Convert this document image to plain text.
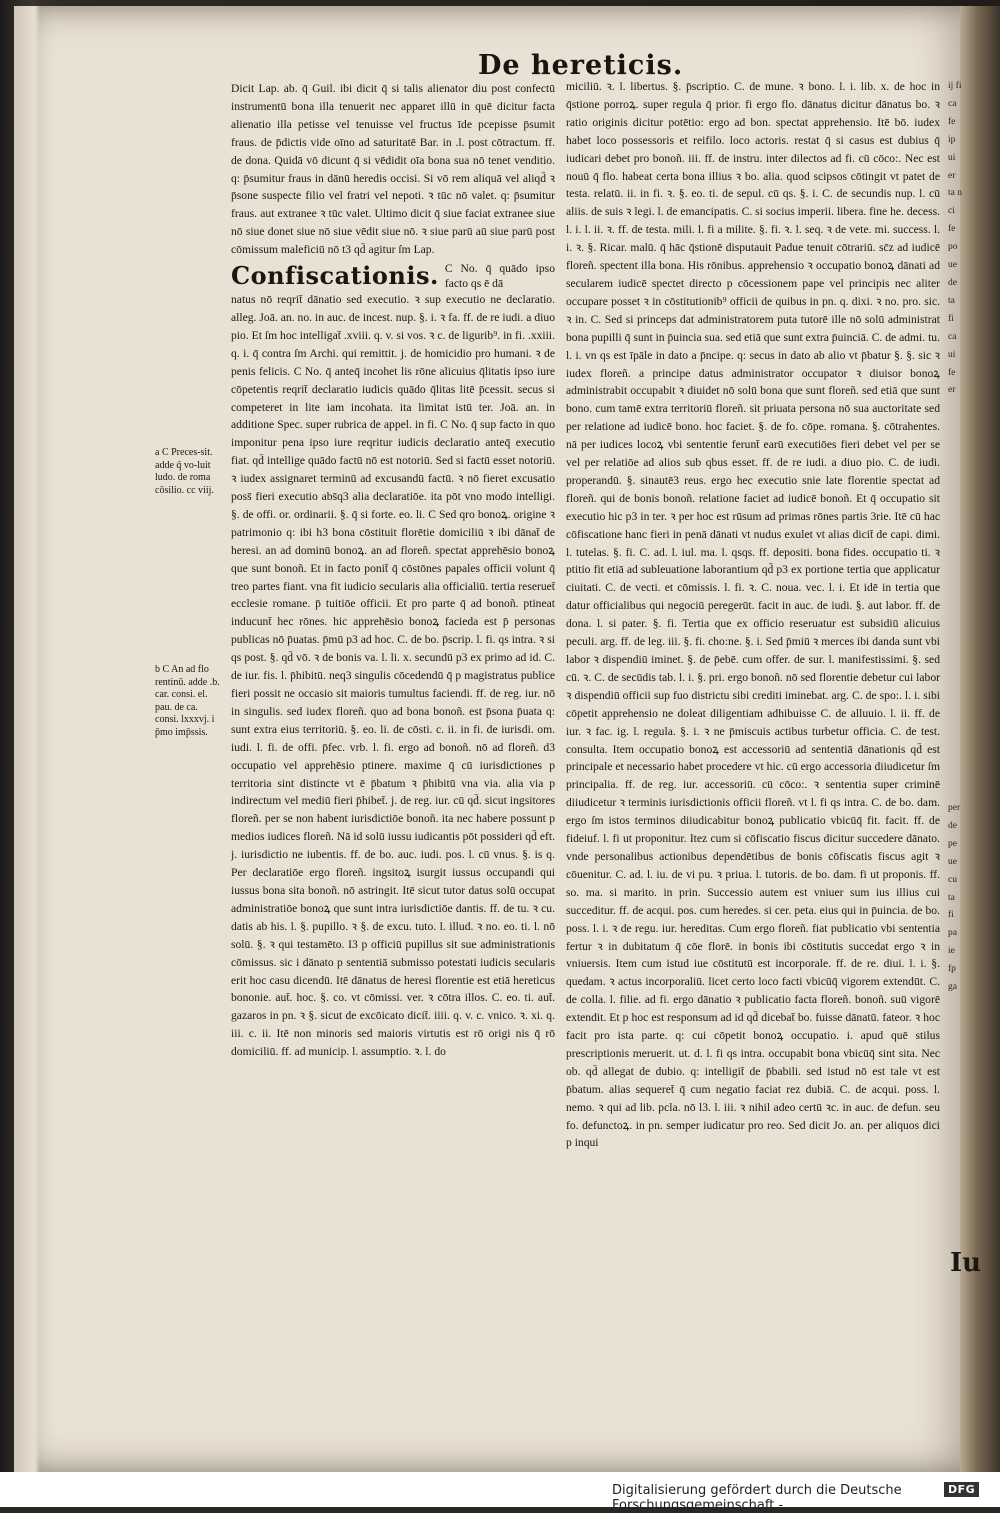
De hereticis.

Dicit Lap. ab. q̄ Guil. ibi dicit q̄ si talis alienator diu post confectū instrumentū bona illa tenuerit nec apparet illū in quē dicitur facta alienatio illa petisse vel tenuisse vel fructus īde pcepisse p̄sumit fraus. de p̄dictis vide oīno ad saturitatē Bar. in .l. post cōtractum. ff. de dona. Quidā vō dicunt q̄ si vēdidit oīa bona sua nō tenet venditio. q: p̄sumitur fraus in dānū heredis occisi. Si vō rem aliquā vel aliqd̄ ꝛ p̄sone suspecte filio vel fratri vel nepoti. ꝛ tūc nō valet. q: p̄sumitur fraus. aut extranee ꝛ tūc valet. Ultimo dicit q̄ siue faciat extranee siue nō siue donet siue nō siue vēdit siue nō. ꝛ siue parū aū siue parū post cōmissum maleficiū nō t3 qd̄ agitur ſm Lap.

Confiscationis. C No. q̄ quādo ipso facto qs ē dā

natus nō reqrit̄ dānatio sed executio. ꝛ sup executio ne declaratio. alleg. Joā. an. no. in auc. de incest. nup. §. i. ꝛ fa. ff. de re iudi. a diuo pio. Et ſm hoc intelligat̄ .xviii. q. v. si vos. ꝛ c. de ligurib⁹. in fi. .xxiii. q. i. q̄ contra ſm Archi. qui remittit. j. de homicidio pro humani. ꝛ de penis felicis. C No. q̄ anteq̄ incohet lis rōne alicuius q̄litatis ipso iure cōpetentis reqrit̄ declaratio iudicis quādo q̄litas litē p̄cessit. secus si competeret in lite iam incohata. ita limitat istū ter. Joā. an. in additione Spec. super rubrica de appel. in fi. C No. q̄ sup facto in quo imponitur pena ipso iure reqritur iudicis declaratio anteq̄ executio fiat. qd̄ intellige quādo factū nō est notoriū. Sed si factū esset notoriū. ꝛ iudex assignaret terminū ad excusandū factū. ꝛ nō fieret excusatio poss̄ fieri executio abs̄q3 alia declaratiōe. ita pōt vno modo intelligi. §. de offi. or. ordinarii. §. q̄ si forte. eo. li. C Sed qro bonoꝝ. origine ꝛ patrimonio q: ibi h3 bona cōstituit florētie domiciliū ꝛ ibi dānat̄ de heresi. an ad dominū bonoꝝ. an ad floreñ. spectat apprehēsio bonoꝝ que sunt bonoñ. Et in facto ponit̄ q̄ cōstōnes papales officii volunt q̄ treo partes fiant. vna fit iudicio secularis alia officialiū. tertia reseruet̄ ecclesie romane. p̄ tuitiōe officii. Et pro parte q̄ ad bonoñ. ptineat inducunt̄ hec rōnes. hic apprehēsio bonoꝝ facieda est p̄ personas publicas nō p̄uatas. p̄mū p3 ad hoc. C. de bo. p̄scrip. l. fi. qs intra. ꝛ si qs post. §. qd̄ vō. ꝛ de bonis va. l. li. x. secundū p3 ex primo ad id. C. de iur. fis. l. p̄hibitū. neq3 singulis cōcedendū q̄ p magistratus publice fieri possit ne occasio sit maioris tumultus faciendi. ff. de reg. iur. nō in singulis. sed iudex floreñ. quo ad bona bonoñ. est p̄sona p̄uata q: sunt extra eius territoriū. §. eo. li. de cōsti. c. ii. in fi. de iurisdi. om. iudi. l. fi. de offi. p̄fec. vrb. l. fi. ergo ad bonoñ. nō ad floreñ. d3 occupatio vel apprehēsio ptinere. maxime q̄ cū iurisdictiones p territoria sint distincte vt ē p̄batum ꝛ p̄hibitū vna via. alia via p indirectum vel mediū fieri p̄hibet̄. j. de reg. iur. cū qd̄. sicut ingsitores floreñ. per se non habent iurisdictiōe bonoñ. ita nec habere possunt p medios iudices floreñ. Nā id solū iussu iudicantis pōt possideri qd̄ eft. j. iurisdictio ne iubentis. ff. de bo. auc. iudi. pos. l. cū vnus. §. is q. Per declaratiōe ergo floreñ. ingsitoꝝ isurgit iussus occupandi qui iussus bona sita bonoñ. nō astringit. Itē sicut tutor datus solū occupat administratiōe bonoꝝ que sunt intra iurisdictiōe dantis. ff. de tu. ꝛ cu. datis ab his. l. §. pupillo. ꝛ §. de excu. tuto. l. illud. ꝛ no. eo. ti. l. nō solū. §. ꝛ qui testamēto. I3 p officiū pupillus sit sue administrationis cōmissus. sic i dānato p sententiā submisso potestati iudicis secularis erit hoc casu dicendū. Itē dānatus de heresi florentie est etiā hereticus bononie. aut̄. hoc. §. co. vt cōmissi. ver. ꝛ cōtra illos. C. eo. ti. aut̄. gazaros in pn. ꝛ §. sicut de excōicato dicit̄. iiii. q. v. c. vnico. ꝛ. xi. q. iii. c. ii. Itē non minoris sed maioris virtutis est rō origi nis q̄ rō domiciliū. ff. ad municip. l. assumptio. ꝛ. l. do

miciliū. ꝛ. l. libertus. §. p̄scriptio. C. de mune. ꝛ bono. l. i. lib. x. de hoc in q̄stione porroꝝ. super regula q̄ prior. fi ergo flo. dānatus dicitur dānatus bo. ꝛ ratio originis dicitur potētio: ergo ad bon. spectat apprehensio. Itē bō. iudex habet loco possessoris et reifilo. loco actoris. restat q̄ si casus est dubius q̄ iudicari debet pro bonoñ. iii. ff. de instru. inter dilectos ad fi. cū cōco:. Nec est nouū q̄ flo. habeat certa bona illius ꝛ bo. alia. quod scipsos cōtingit vt patet de testa. relatū. ii. in fi. ꝛ. §. eo. ti. de sepul. cū qs. §. i. C. de secundis nup. l. cū aliis. de suis ꝛ legi. l. de emancipatis. C. si socius imperii. libera. fine he. decess. l. i. l. ii. ꝛ. ff. de testa. mili. l. fi a milite. §. fi. ꝛ. l. seq. ꝛ de vete. mi. success. l. i. ꝛ. §. Ricar. malū. q̄ hāc q̄stionē disputauit Padue tenuit cōtrariū. sc̄z ad iudicē floreñ. spectent illa bona. His rōnibus. apprehensio ꝛ occupatio bonoꝝ dānati ad secularem iudicē spectet directo p cōcessionem pape vel principis nec aliter occupare posset ꝛ in cōstitutionib⁹ officii de quibus in pn. q. dixi. ꝛ no. pro. sic. ꝛ in. C. Sed si princeps dat administratorem puta tutorē ille nō solū administrat bona pupilli q̄ sunt in p̄uincia sua. sed etiā que sunt extra p̄uinciā. C. de admi. tu. l. i. vn qs est īpāle in dato a p̄ncipe. q: secus in dato ab alio vt p̄batur §. §. sic ꝛ iudex floreñ. a principe datus administrator occupator ꝛ diuisor bonoꝝ administrabit occupabit ꝛ diuidet nō solū bona que sunt floreñ. sed etiā que sunt bono. cum tamē extra territoriū floreñ. sit priuata persona nō sua auctoritate sed per relatione ad iudicē bono. hoc faciet. §. de fo. cōpe. romana. §. cōtrahentes. nā per iudices locoꝝ vbi sententie ferunt̄ earū executiōes fieri debet vel per se vel per relatiōe ad alios sub qbus esset. ff. de re iudi. a diuo pio. C. de iudi. properandū. §. sinautē3 reus. ergo hec executio snie late florentie spectat ad floreñ. qui de bonis bonoñ. relatione faciet ad iudicē bonoñ. Et q̄ occupatio sit executio hic p3 in ter. ꝛ per hoc est rūsum ad primas rōnes partis 3rie. Itē cū hac cōfiscatione hanc fieri in penā dānati vt nudus exulet vt alias dicit̄ de capi. dimi. l. tutelas. §. fi. C. ad. l. iul. ma. l. qsqs. ff. depositi. bona fides. occupatio ti. ꝛ ptitio fit etiā ad subleuatione laborantium qd̄ p3 ex portione tertia que applicatur ciuitati. C. de vecti. et cōmissis. l. fi. ꝛ. C. noua. vec. l. i. Et idē in tertia que datur officialibus qui negociū peregerūt. facit in auc. de iudi. §. aut labor. ff. de dona. l. si pater. §. fi. Tertia que ex officio reseruatur est subsidiū alicuius peculi. arg. ff. de leg. iii. §. fi. cho:ne. §. i. Sed p̄miū ꝛ merces ibi danda sunt vbi labor ꝛ dispendiū iminet. §. de p̄ebē. cum offer. de sur. l. manifestissimi. §. sed cū. ꝛ. C. de secūdis tab. l. i. §. pri. ergo bonoñ. nō sed florentie debetur cui labor ꝛ dispendiū officii sup fuo districtu sibi crediti iminebat. arg. C. de spo:. l. i. sibi cōpetit apprehensio ne doleat diligentiam adhibuisse C. de alluuio. l. ii. ff. de iur. ꝛ fac. ig. l. regula. §. i. ꝛ ne p̄miscuis actibus turbetur officia. C. de test. consulta. Item occupatio bonoꝝ est accessoriū ad sententiā dānationis qd̄ est principale et necessario habet procedere vt hic. cū ergo accessoria diiudicetur ſm principalia. ff. de reg. iur. accessoriū. cū cōco:. ꝛ sententia super criminē diiudicetur ꝛ terminis iurisdictionis officii floreñ. vt l. fi qs intra. C. de bo. dam. ergo ſm istos terminos diiudicabitur bonoꝝ publicatio vbicūq̄ fit. facit. ff. de fideiuf. l. fi ut proponitur. Itez cum si cōfiscatio fiscus dicitur succedere dānato. vnde personalibus actionibus dependētibus de bonis cōfiscatis fiscus agit ꝛ cōuenitur. C. ad. l. iu. de vi pu. ꝛ priua. l. tutoris. de bo. dam. fi ut proponis. ff. so. ma. si marito. in prin. Successio autem est vniuer sum ius illius cui succeditur. ff. de acqui. pos. cum heredes. si cer. peta. eius qui in p̄uincia. de bo. poss. l. i. ꝛ de regu. iur. hereditas. Cum ergo floreñ. fiat publicatio vbi sententia fertur ꝛ in dubitatum q̄ cōe florē. in bonis ibi cōstitutis succedat ergo ꝛ in vniuersis. Item cum istud iue cōstitutū est incorporale. ff. de re. diui. l. i. §. quedam. ꝛ actus incorporaliū. licet certo loco facti vbicūq̄ vigorem extendūt. C. de colla. l. filie. ad fi. ergo dānatio ꝛ publicatio facta floreñ. bonoñ. suū vigorē extendit. Et p hoc est responsum ad id qd̄ dicebat̄ bo. fuisse dānatū. fateor. ꝛ hoc facit pro ista parte. q: cui cōpetit bonoꝝ occupatio. i. apud quē stilus prescriptionis meruerit. ut. d. l. fi qs intra. occupabit bona vbicūq̄ sint sita. Nec ob. qd̄ allegat de dubio. q: intelligit̄ de p̄babili. sed istud nō est tale vt est p̄batum. alias sequeret̄ q̄ cum negatio faciat rez dubiā. C. de acqui. poss. l. nemo. ꝛ qui ad lib. pcla. nō l3. l. iii. ꝛ nihil adeo certū ꝛc. in auc. de defun. seu fo. defunctoꝝ. in pn. semper iudicatur pro reo. Sed dicit Jo. an. per aliquos dici p inqui

a C Preces-sit. adde q̄ vo-luit ludo. de roma cōsilio. cc viij.
b C An ad flo rentinū. adde .b. car. consi. el. pau. de ca. consi. lxxxvj. i p̄mo imp̄ssis.
ij fi ca fe ip ui er ta n ci fe po ue de ta fi ca ui fe er
per de pe ue cu ta fi pa ie fp ga
Iu
Digitalisierung gefördert durch die Deutsche Forschungsgemeinschaft -
DFG
